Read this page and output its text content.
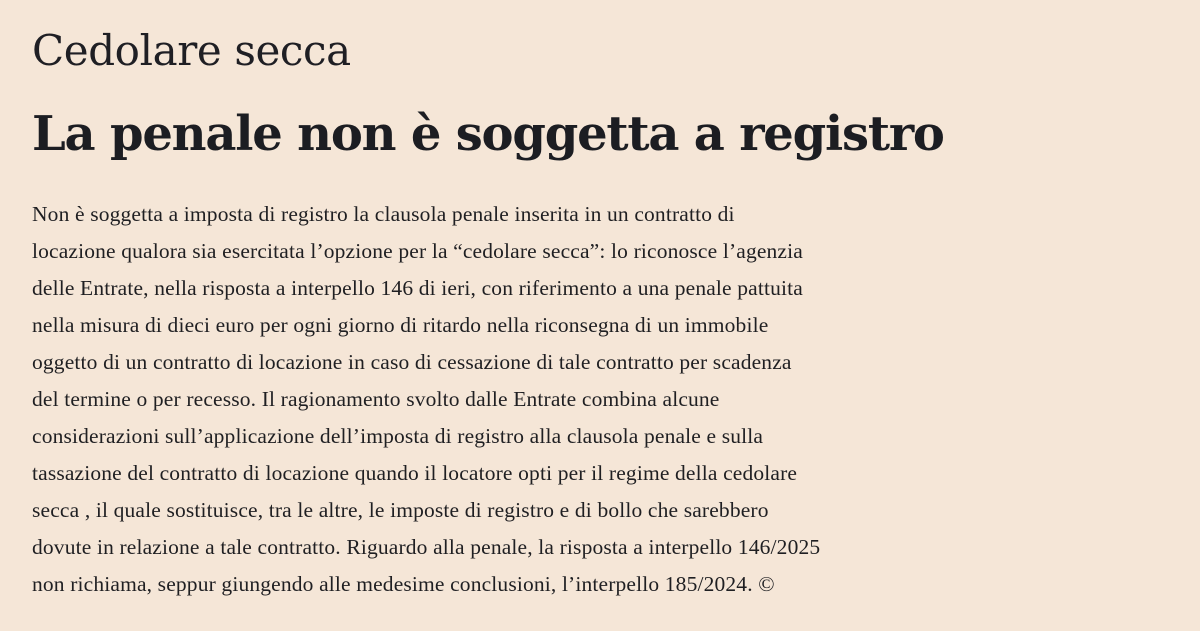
Cedolare secca
La penale non è soggetta a registro

Non è soggetta a imposta di registro la clausola penale inserita in un contratto di
locazione qualora sia esercitata l’opzione per la “cedolare secca”: lo riconosce l’agenzia
delle Entrate, nella risposta a interpello 146 di ieri, con riferimento a una penale pattuita
nella misura di dieci euro per ogni giorno di ritardo nella riconsegna di un immobile
oggetto di un contratto di locazione in caso di cessazione di tale contratto per scadenza
del termine o per recesso. Il ragionamento svolto dalle Entrate combina alcune
considerazioni sull’applicazione dell’imposta di registro alla clausola penale e sulla
tassazione del contratto di locazione quando il locatore opti per il regime della cedolare
secca , il quale sostituisce, tra le altre, le imposte di registro e di bollo che sarebbero
dovute in relazione a tale contratto. Riguardo alla penale, la risposta a interpello 146/2025
non richiama, seppur giungendo alle medesime conclusioni, l’interpello 185/2024. ©
